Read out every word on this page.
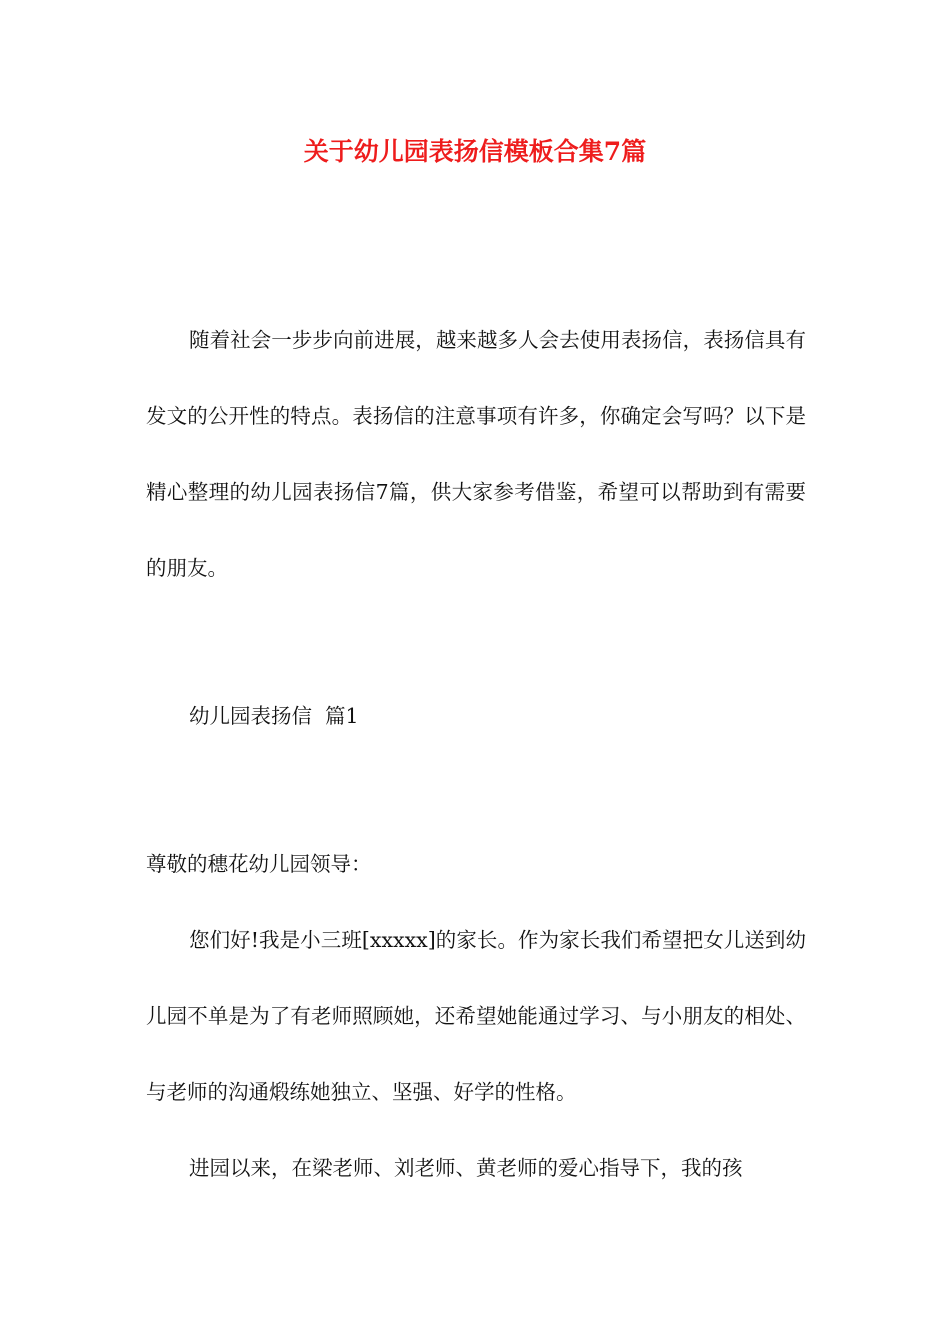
关于幼儿园表扬信模板合集7篇

随着社会一步步向前进展，越来越多人会去使用表扬信，表扬信具有发文的公开性的特点。表扬信的注意事项有许多，你确定会写吗？以下是精心整理的幼儿园表扬信7篇，供大家参考借鉴，希望可以帮助到有需要的朋友。

幼儿园表扬信  篇1

尊敬的穗花幼儿园领导：

您们好!我是小三班[xxxxx]的家长。作为家长我们希望把女儿送到幼儿园不单是为了有老师照顾她，还希望她能通过学习、与小朋友的相处、与老师的沟通煅练她独立、坚强、好学的性格。

进园以来，在梁老师、刘老师、黄老师的爱心指导下，我的孩
